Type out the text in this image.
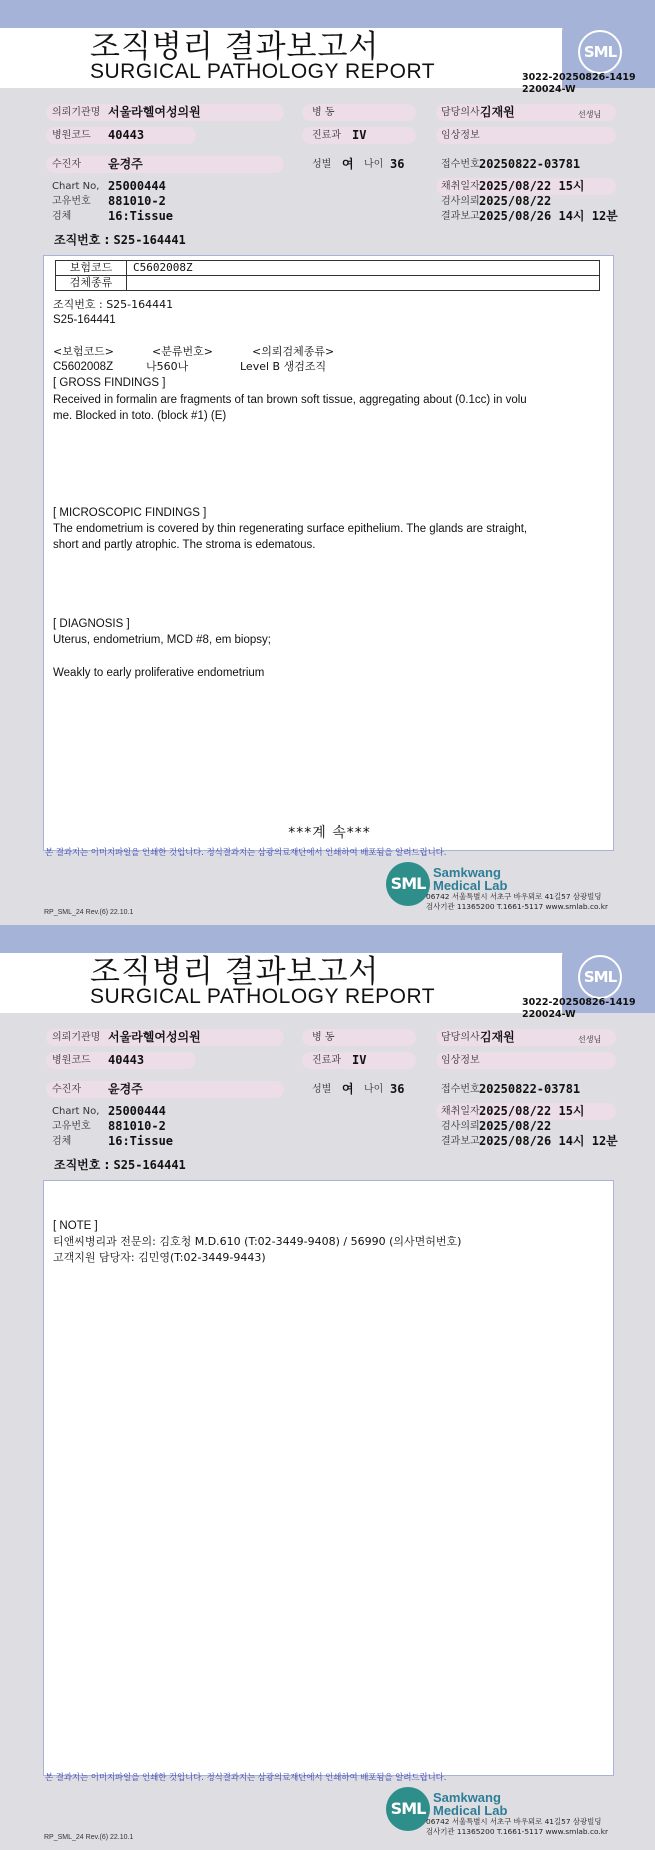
SML
조직병리 결과보고서
SURGICAL PATHOLOGY REPORT	3022-20250826-1419
220024-W
의뢰기관명 서울라헬여성의원
병원코드 40443
수진자 윤경주
Chart No, 25000444
고유번호 881010-2
검체	16:Tissue
병 동
진료과 IV
성별 여 나이 36
담당의사 김재원	선생님
임상정보
접수번호 20250822-03781
채취일자 2025/08/22 15시
검사의뢰 2025/08/22
결과보고 2025/08/26 14시 12분
조직번호 : S25-164441
보험코드	C5602008Z
검체종류	
조직번호 : S25-164441
S25-164441
<보험코드>	<분류번호>	<의뢰검체종류>
C5602008Z	나560나	Level B 생검조직
[ GROSS FINDINGS ]
Received in formalin are fragments of tan brown soft tissue, aggregating about (0.1cc) in volu
me. Blocked in toto. (block #1) (E)
[ MICROSCOPIC FINDINGS ]
The endometrium is covered by thin regenerating surface epithelium. The glands are straight,
short and partly atrophic. The stroma is edematous.
[ DIAGNOSIS ]
Uterus, endometrium, MCD #8, em biopsy;
Weakly to early proliferative endometrium
***계 속***
본 결과지는 이미지파일을 인쇄한 것입니다. 정식결과지는 삼광의료재단에서 인쇄하여 배포됨을 알려드립니다.
SML
Samkwang
Medical Lab
06742 서울특별시 서초구 바우뫼로 41길57 삼광빌딩
검사기관 11365200 T.1661-5117 www.smlab.co.kr
RP_SML_24 Rev.(6) 22.10.1
SML
조직병리 결과보고서
SURGICAL PATHOLOGY REPORT	3022-20250826-1419
220024-W
의뢰기관명 서울라헬여성의원
병원코드 40443
수진자 윤경주
Chart No, 25000444
고유번호 881010-2
검체	16:Tissue
병 동
진료과 IV
성별 여 나이 36
담당의사 김재원	선생님
임상정보
접수번호 20250822-03781
채취일자 2025/08/22 15시
검사의뢰 2025/08/22
결과보고 2025/08/26 14시 12분
조직번호 : S25-164441
[ NOTE ]
티앤씨병리과 전문의: 김호청 M.D.610 (T:02-3449-9408) / 56990 (의사면허번호)
고객지원 담당자: 김민영(T:02-3449-9443)
본 결과지는 이미지파일을 인쇄한 것입니다. 정식결과지는 삼광의료재단에서 인쇄하여 배포됨을 알려드립니다.
SML
Samkwang
Medical Lab
06742 서울특별시 서초구 바우뫼로 41길57 삼광빌딩
검사기관 11365200 T.1661-5117 www.smlab.co.kr
RP_SML_24 Rev.(6) 22.10.1
